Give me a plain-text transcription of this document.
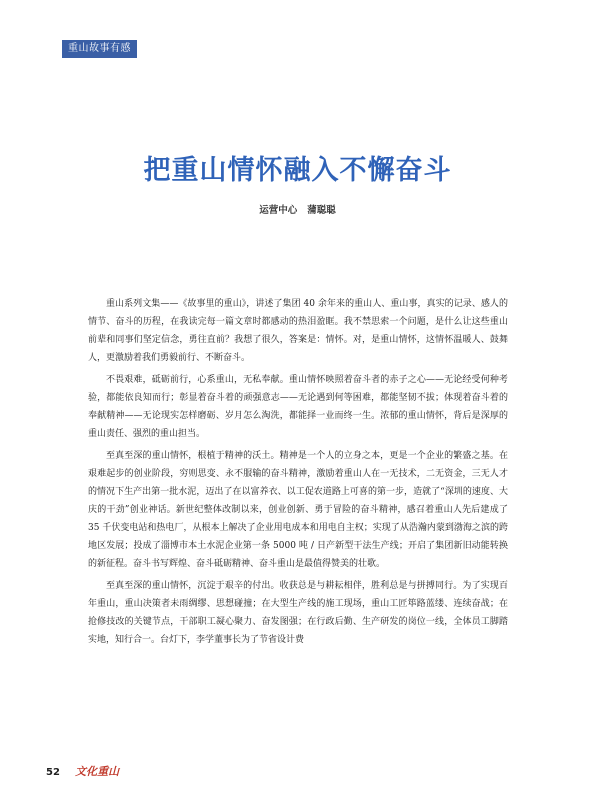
重山故事有感
把重山情怀融入不懈奋斗
运营中心 蒲聪聪

重山系列文集——《故事里的重山》，讲述了集团 40 余年来的重山人、重山事，真实的记录、感人的情节、奋斗的历程，在我读完每一篇文章时都感动的热泪盈眶。我不禁思索一个问题，是什么让这些重山前辈和同事们坚定信念，勇往直前？我想了很久，答案是：情怀。对，是重山情怀，这情怀温暖人、鼓舞人，更激励着我们勇毅前行、不断奋斗。

不畏艰难，砥砺前行，心系重山，无私奉献。重山情怀映照着奋斗者的赤子之心——无论经受何种考验，都能依良知而行；彰显着奋斗着的顽强意志——无论遇到何等困难，都能坚韧不拔；体现着奋斗着的奉献精神——无论现实怎样磨砺、岁月怎么淘洗，都能择一业而终一生。浓郁的重山情怀，背后是深厚的重山责任、强烈的重山担当。

至真至深的重山情怀，根植于精神的沃土。精神是一个人的立身之本，更是一个企业的繁盛之基。在艰难起步的创业阶段，穷则思变、永不服输的奋斗精神，激励着重山人在一无技术，二无资金，三无人才的情况下生产出第一批水泥，迈出了在以富养衣、以工促农道路上可喜的第一步，造就了“深圳的速度、大庆的干劲”创业神话。新世纪整体改制以来，创业创新、勇于冒险的奋斗精神，感召着重山人先后建成了 35 千伏变电站和热电厂，从根本上解决了企业用电成本和用电自主权；实现了从浩瀚内蒙到渤海之滨的跨地区发展；投成了淄博市本土水泥企业第一条 5000 吨 / 日产新型干法生产线；开启了集团新旧动能转换的新征程。奋斗书写辉煌、奋斗砥砺精神、奋斗重山是最值得赞美的壮歌。

至真至深的重山情怀，沉淀于艰辛的付出。收获总是与耕耘相伴，胜利总是与拼搏同行。为了实现百年重山，重山决策者未雨绸缪、思想碰撞；在大型生产线的施工现场，重山工匠筚路蓝缕、连续奋战；在抢修技改的关键节点，干部职工凝心聚力、奋发图强；在行政后勤、生产研发的岗位一线，全体员工脚踏实地，知行合一。台灯下，李学董事长为了节省设计费

52 文化重山
